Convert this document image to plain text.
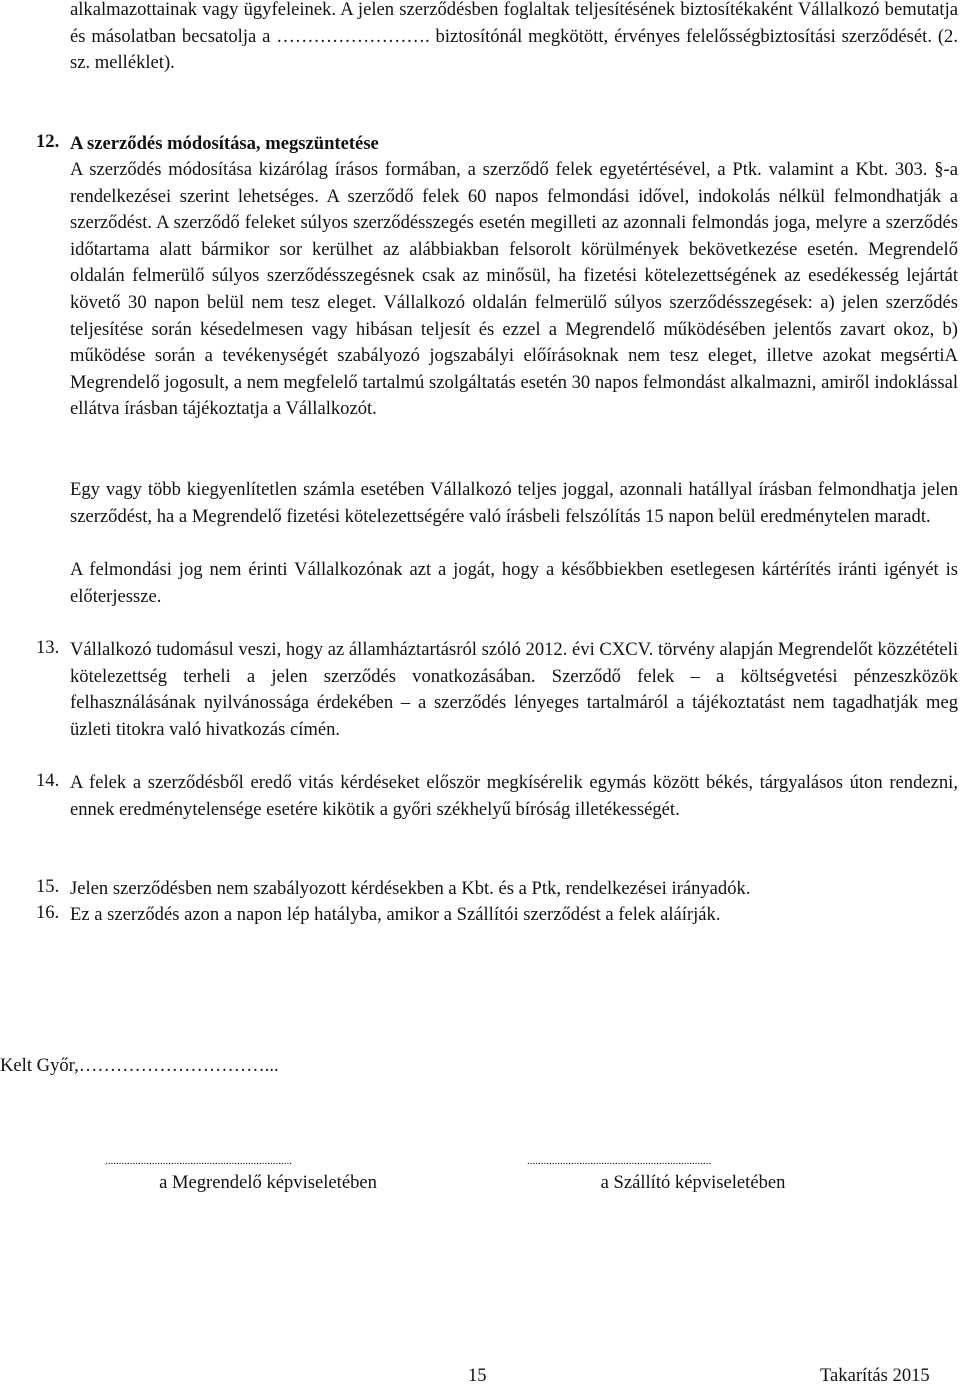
alkalmazottainak vagy ügyfeleinek. A jelen szerződésben foglaltak teljesítésének biztosítékaként Vállalkozó bemutatja és másolatban becsatolja a ……………………. biztosítónál megkötött, érvényes felelősségbiztosítási szerződését. (2. sz. melléklet).
12. A szerződés módosítása, megszüntetése
A szerződés módosítása kizárólag írásos formában, a szerződő felek egyetértésével, a Ptk. valamint a Kbt. 303. §-a rendelkezései szerint lehetséges. A szerződő felek 60 napos felmondási idővel, indokolás nélkül felmondhatják a szerződést. A szerződő feleket súlyos szerződésszegés esetén megilleti az azonnali felmondás joga, melyre a szerződés időtartama alatt bármikor sor kerülhet az alábbiakban felsorolt körülmények bekövetkezése esetén. Megrendelő oldalán felmerülő súlyos szerződésszegésnek csak az minősül, ha fizetési kötelezettségének az esedékesség lejártát követő 30 napon belül nem tesz eleget. Vállalkozó oldalán felmerülő súlyos szerződésszegések: a) jelen szerződés teljesítése során késedelmesen vagy hibásan teljesít és ezzel a Megrendelő működésében jelentős zavart okoz, b) működése során a tevékenységét szabályozó jogszabályi előírásoknak nem tesz eleget, illetve azokat megsértiA Megrendelő jogosult, a nem megfelelő tartalmú szolgáltatás esetén 30 napos felmondást alkalmazni, amiről indoklással ellátva írásban tájékoztatja a Vállalkozót.
Egy vagy több kiegyenlítetlen számla esetében Vállalkozó teljes joggal, azonnali hatállyal írásban felmondhatja jelen szerződést, ha a Megrendelő fizetési kötelezettségére való írásbeli felszólítás 15 napon belül eredménytelen maradt.
A felmondási jog nem érinti Vállalkozónak azt a jogát, hogy a későbbiekben esetlegesen kártérítés iránti igényét is előterjessze.
13. Vállalkozó tudomásul veszi, hogy az államháztartásról szóló 2012. évi CXCV. törvény alapján Megrendelőt közzétételi kötelezettség terheli a jelen szerződés vonatkozásában. Szerződő felek – a költségvetési pénzeszközök felhasználásának nyilvánossága érdekében – a szerződés lényeges tartalmáról a tájékoztatást nem tagadhatják meg üzleti titokra való hivatkozás címén.
14. A felek a szerződésből eredő vitás kérdéseket először megkísérelik egymás között békés, tárgyalásos úton rendezni, ennek eredménytelensége esetére kikötik a győri székhelyű bíróság illetékességét.
15. Jelen szerződésben nem szabályozott kérdésekben a Kbt. és a Ptk, rendelkezései irányadók.
16. Ez a szerződés azon a napon lép hatályba, amikor a Szállítói szerződést a felek aláírják.
Kelt Győr,…………………………...
....................................................................	...................................................................
a Megrendelő képviseletében	a Szállító képviseletében
15	Takarítás 2015
